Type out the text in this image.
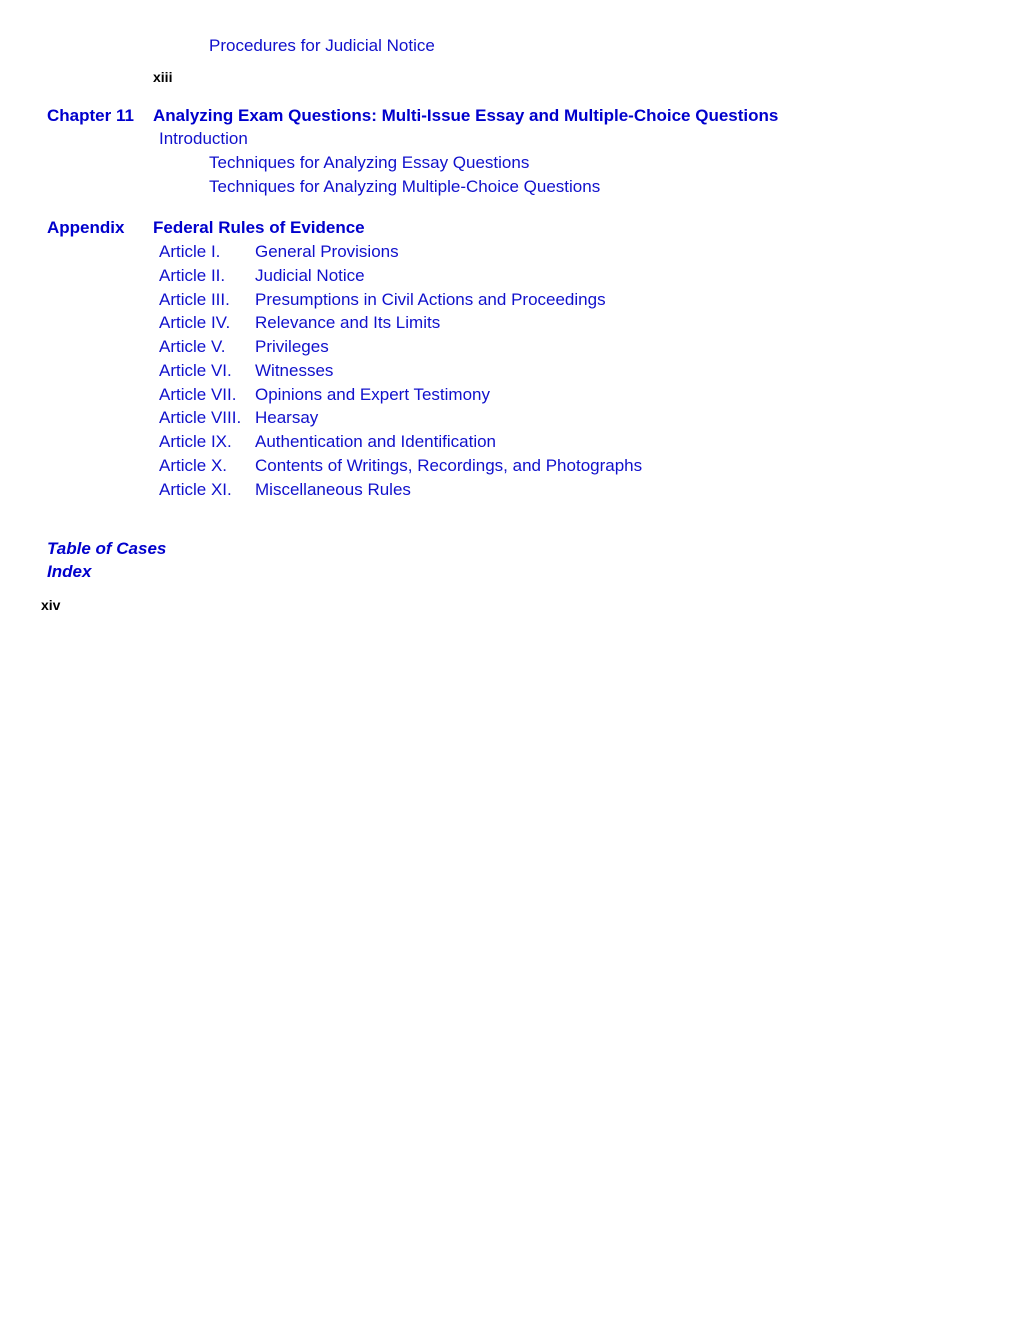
Procedures for Judicial Notice
xiii
Chapter 11 Analyzing Exam Questions: Multi-Issue Essay and Multiple-Choice Questions
Introduction
Techniques for Analyzing Essay Questions
Techniques for Analyzing Multiple-Choice Questions
Appendix Federal Rules of Evidence
Article I. General Provisions
Article II. Judicial Notice
Article III. Presumptions in Civil Actions and Proceedings
Article IV. Relevance and Its Limits
Article V. Privileges
Article VI. Witnesses
Article VII. Opinions and Expert Testimony
Article VIII. Hearsay
Article IX. Authentication and Identification
Article X. Contents of Writings, Recordings, and Photographs
Article XI. Miscellaneous Rules
Table of Cases
Index
xiv
